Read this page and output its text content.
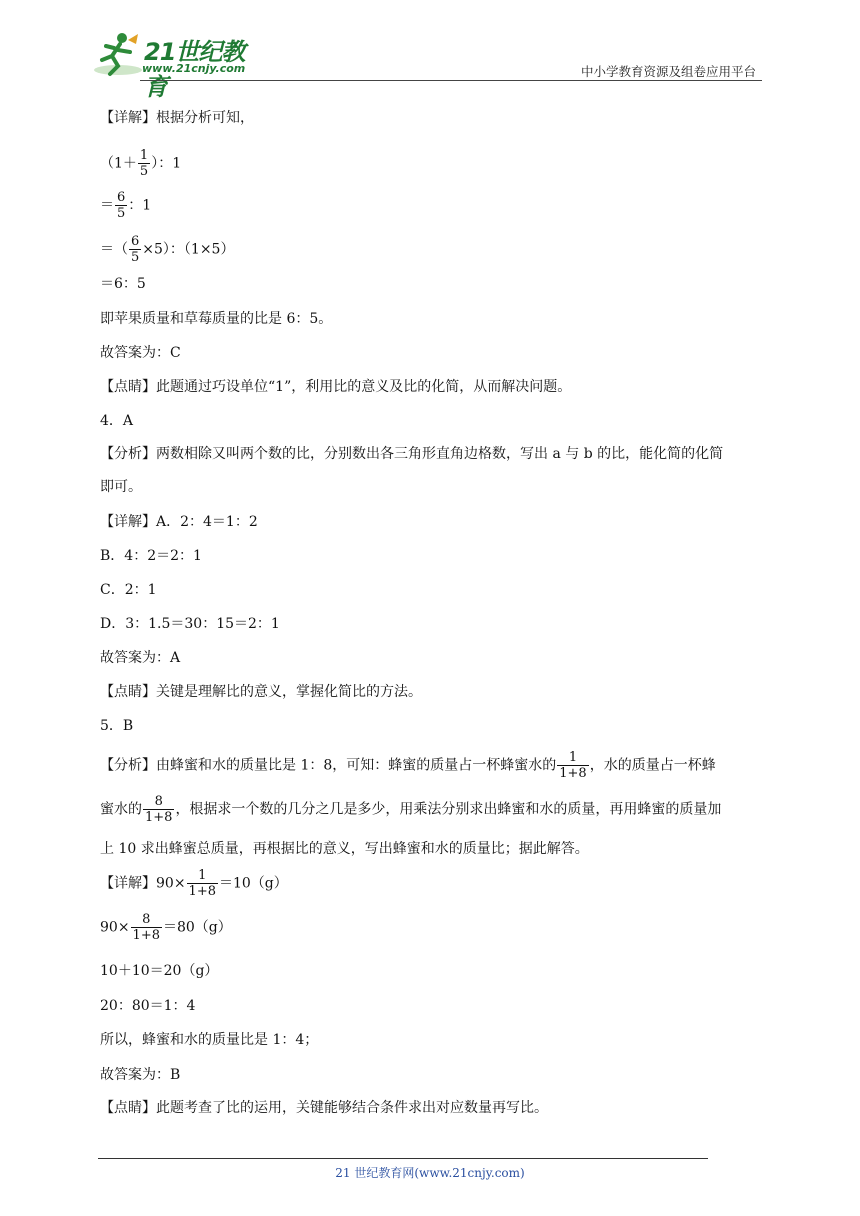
21世纪教育
www.21cnjy.com	中小学教育资源及组卷应用平台
【详解】根据分析可知，
（$1+ \frac{1}{5}$ ）：1
＝ $\frac{6}{5}$ ：1
＝（ $\frac{6}{5} \times 5$）：（1×5）
＝6：5
即苹果质量和草莓质量的比是 6：5。
故答案为：C
【点睛】此题通过巧设单位“1”，利用比的意义及比的化简，从而解决问题。
4．A
【分析】两数相除又叫两个数的比，分别数出各三角形直角边格数，写出 a 与 b 的比，能化简的化简
即可。
【详解】A．2：4＝1：2
B．4：2＝2：1
C．2：1
D．3：1.5＝30：15＝2：1
故答案为：A
【点睛】关键是理解比的意义，掌握化简比的方法。
5．B
【分析】由蜂蜜和水的质量比是 1：8，可知：蜂蜜的质量占一杯蜂蜜水的 $\frac{1}{1+8}$ ，水的质量占一杯蜂
蜜水的 $\frac{8}{1+8}$ ，根据求一个数的几分之几是多少，用乘法分别求出蜂蜜和水的质量，再用蜂蜜的质量加
上 10 求出蜂蜜总质量，再根据比的意义，写出蜂蜜和水的质量比；据此解答。
【详解】$90\times \frac{1}{1+8} =10(g)$
$90\times \frac{8}{1+8} =80(g)$
10＋10＝20（g）
20：80＝1：4
所以，蜂蜜和水的质量比是 1：4；
故答案为：B
【点睛】此题考查了比的运用，关键能够结合条件求出对应数量再写比。
21 世纪教育网(www.21cnjy.com)
